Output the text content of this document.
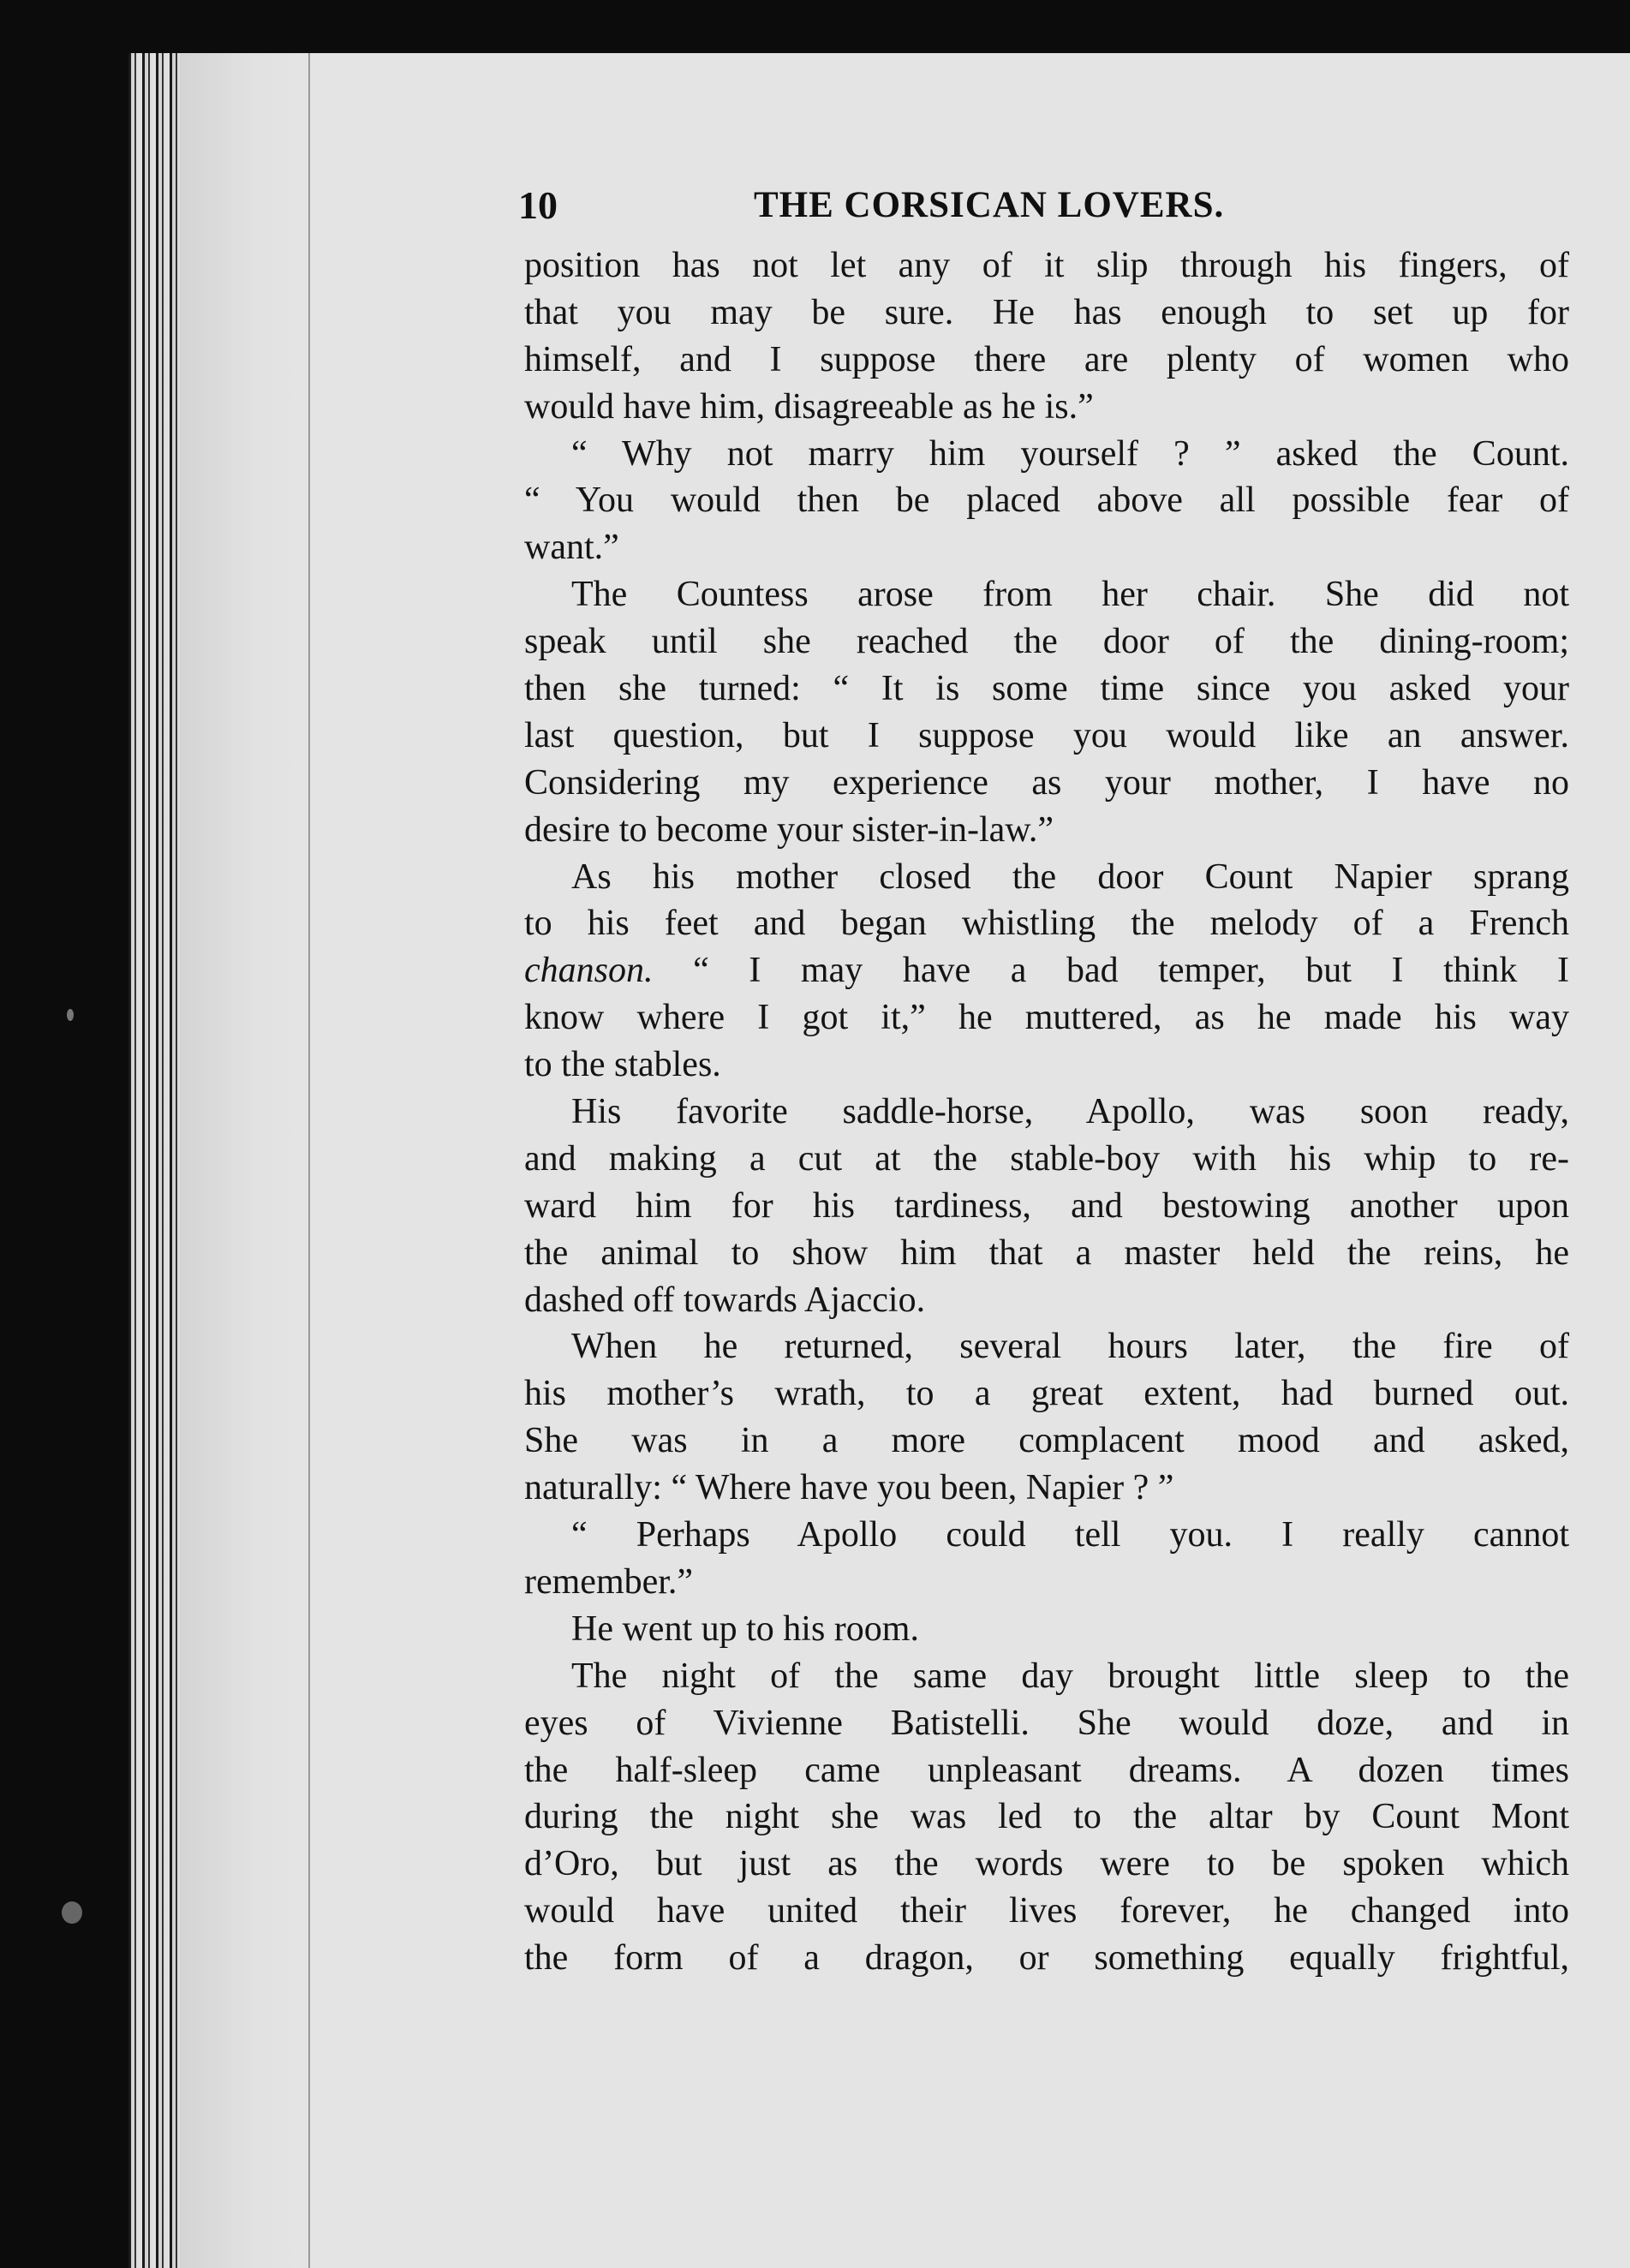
10	THE CORSICAN LOVERS.
position has not let any of it slip through his fingers, of
that you may be sure. He has enough to set up for
himself, and I suppose there are plenty of women who
would have him, disagreeable as he is.”
“ Why not marry him yourself ? ” asked the Count.
“ You would then be placed above all possible fear of
want.”
The Countess arose from her chair. She did not
speak until she reached the door of the dining-room;
then she turned: “ It is some time since you asked your
last question, but I suppose you would like an answer.
Considering my experience as your mother, I have no
desire to become your sister-in-law.”
As his mother closed the door Count Napier sprang
to his feet and began whistling the melody of a French
chanson. “ I may have a bad temper, but I think I
know where I got it,” he muttered, as he made his way
to the stables.
His favorite saddle-horse, Apollo, was soon ready,
and making a cut at the stable-boy with his whip to re-
ward him for his tardiness, and bestowing another upon
the animal to show him that a master held the reins, he
dashed off towards Ajaccio.
When he returned, several hours later, the fire of
his mother’s wrath, to a great extent, had burned out.
She was in a more complacent mood and asked,
naturally: “ Where have you been, Napier ? ”
“ Perhaps Apollo could tell you. I really cannot
remember.”
He went up to his room.
The night of the same day brought little sleep to the
eyes of Vivienne Batistelli. She would doze, and in
the half-sleep came unpleasant dreams. A dozen times
during the night she was led to the altar by Count Mont
d’Oro, but just as the words were to be spoken which
would have united their lives forever, he changed into
the form of a dragon, or something equally frightful,
